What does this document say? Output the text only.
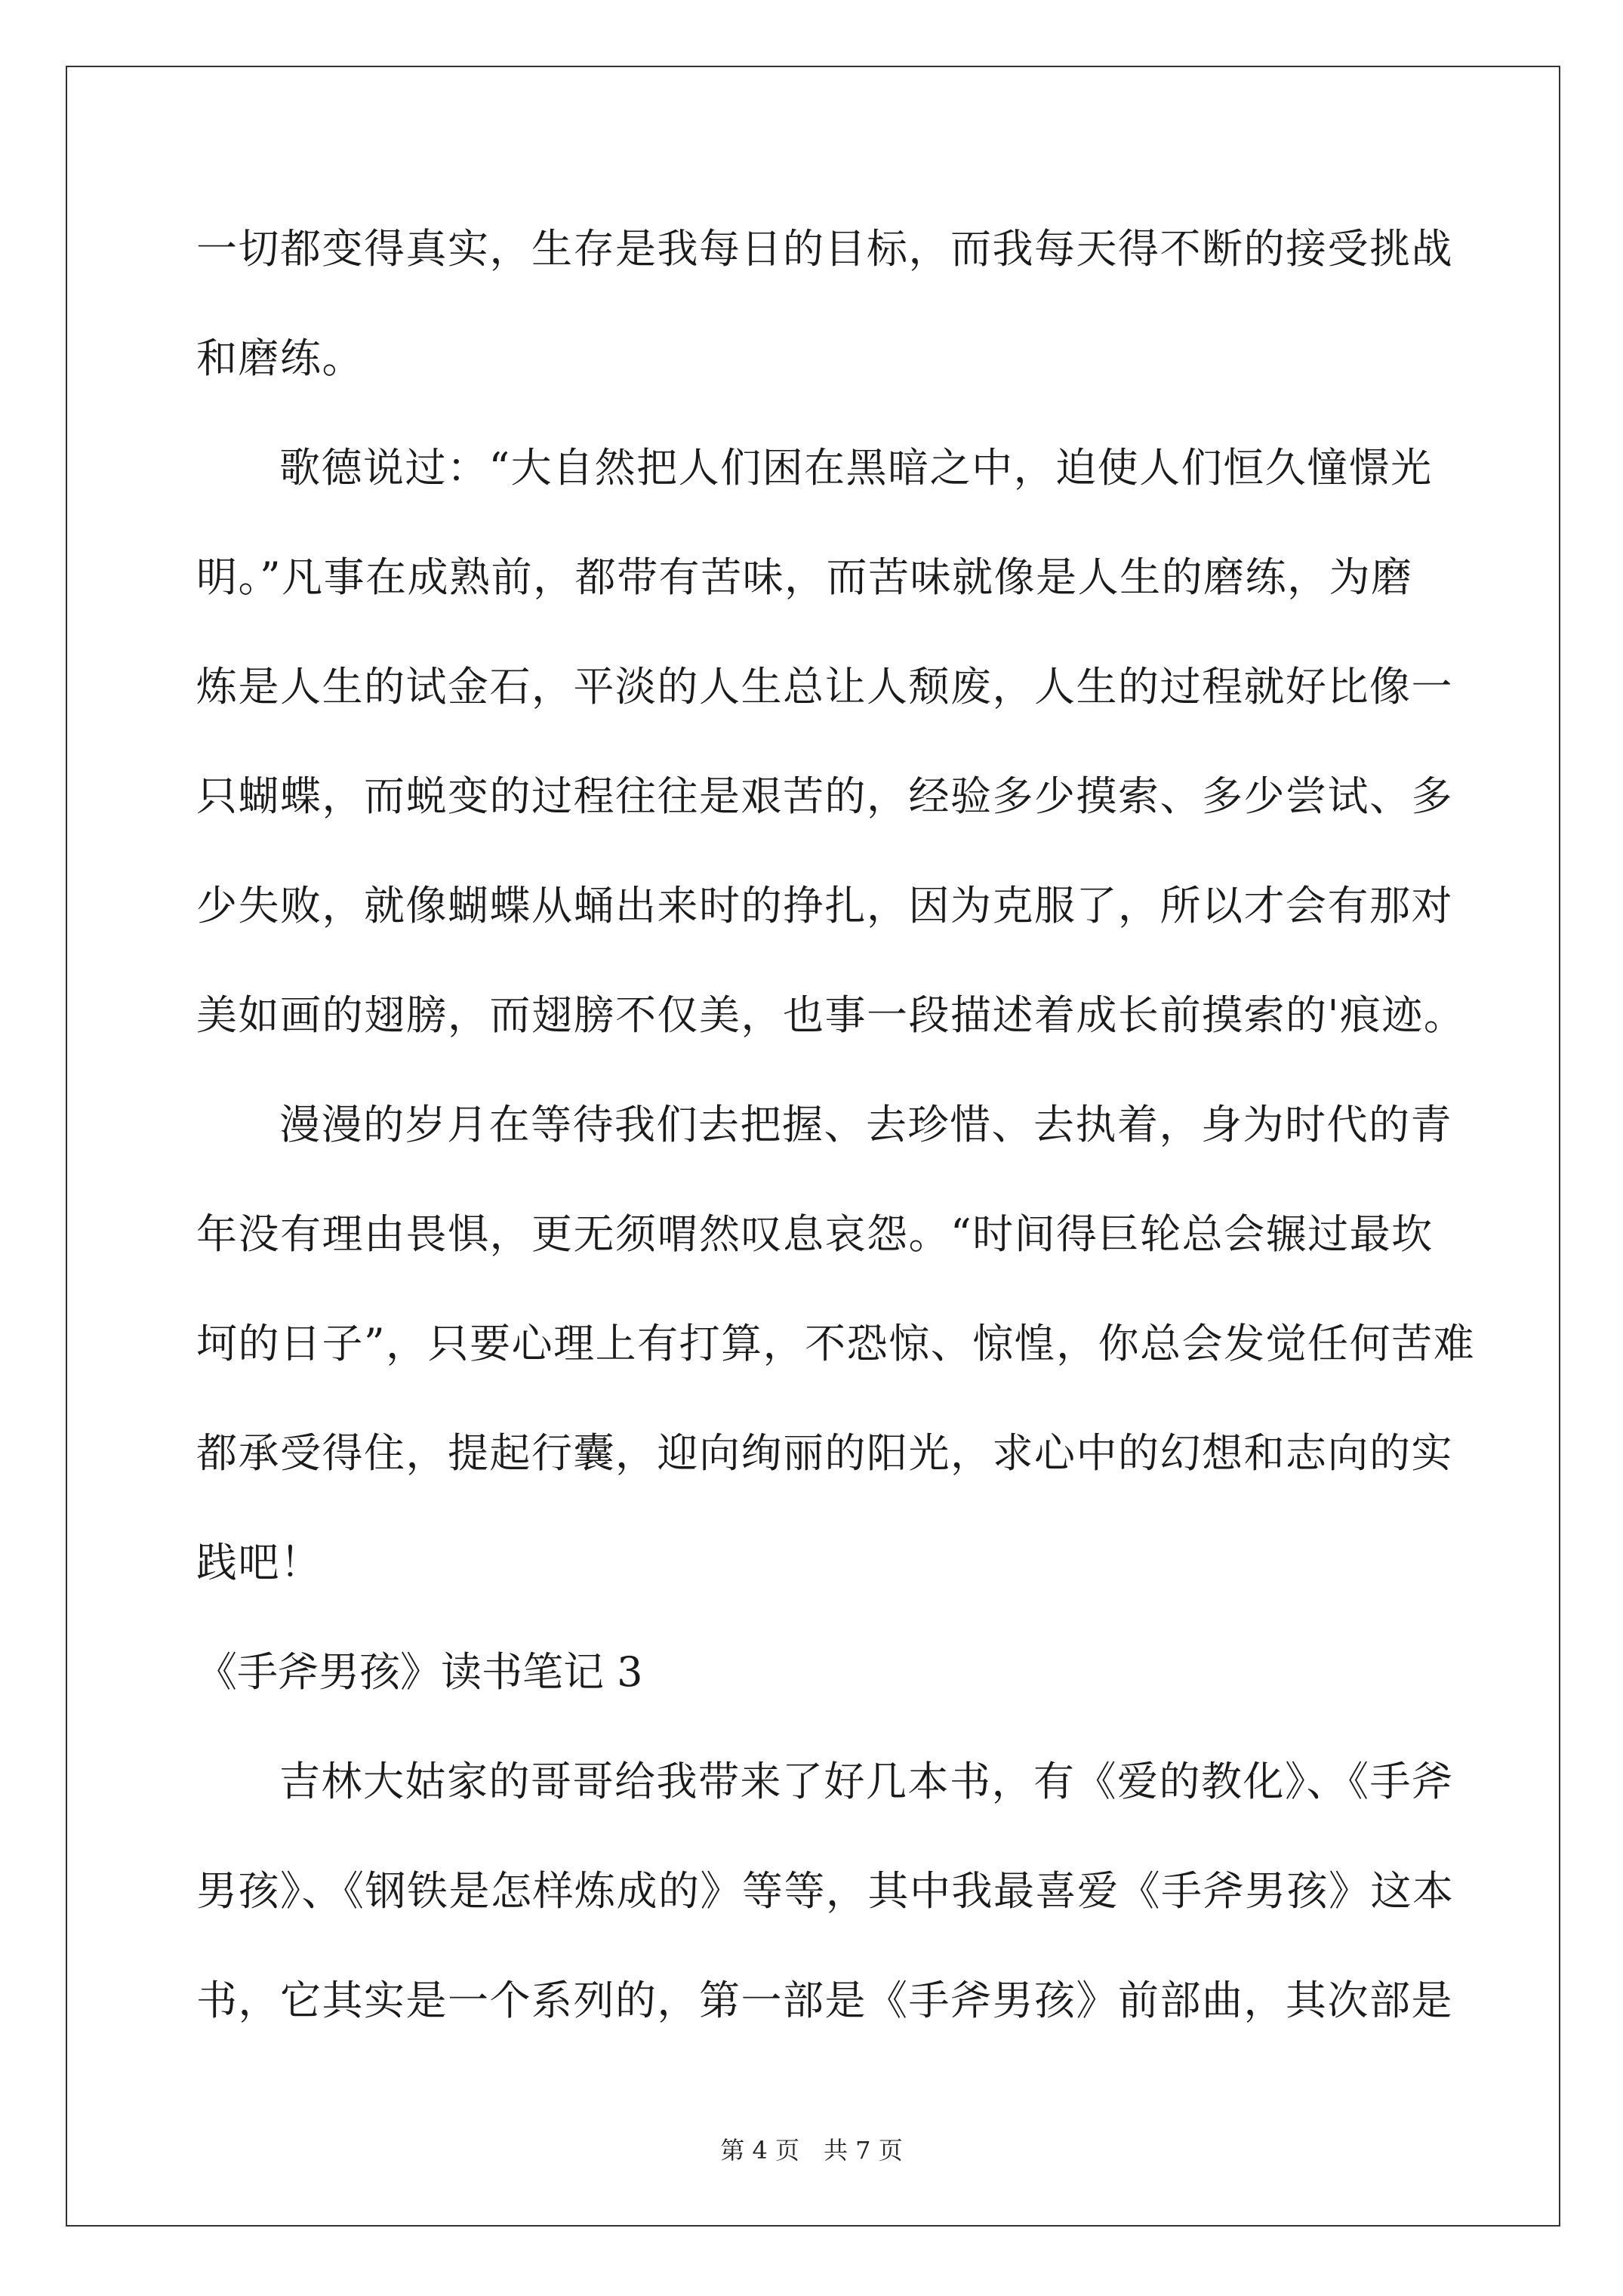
一切都变得真实，生存是我每日的目标，而我每天得不断的接受挑战
和磨练。
歌德说过：“大自然把人们困在黑暗之中，迫使人们恒久憧憬光
明。”凡事在成熟前，都带有苦味，而苦味就像是人生的磨练，为磨
炼是人生的试金石，平淡的人生总让人颓废，人生的过程就好比像一
只蝴蝶，而蜕变的过程往往是艰苦的，经验多少摸索、多少尝试、多
少失败，就像蝴蝶从蛹出来时的挣扎，因为克服了，所以才会有那对
美如画的翅膀，而翅膀不仅美，也事一段描述着成长前摸索的'痕迹。
漫漫的岁月在等待我们去把握、去珍惜、去执着，身为时代的青
年没有理由畏惧，更无须喟然叹息哀怨。“时间得巨轮总会辗过最坎
坷的日子”，只要心理上有打算，不恐惊、惊惶，你总会发觉任何苦难
都承受得住，提起行囊，迎向绚丽的阳光，求心中的幻想和志向的实
践吧！
《手斧男孩》读书笔记 3
吉林大姑家的哥哥给我带来了好几本书，有《爱的教化》、《手斧
男孩》、《钢铁是怎样炼成的》等等，其中我最喜爱《手斧男孩》这本
书，它其实是一个系列的，第一部是《手斧男孩》前部曲，其次部是
第 4 页　共 7 页
